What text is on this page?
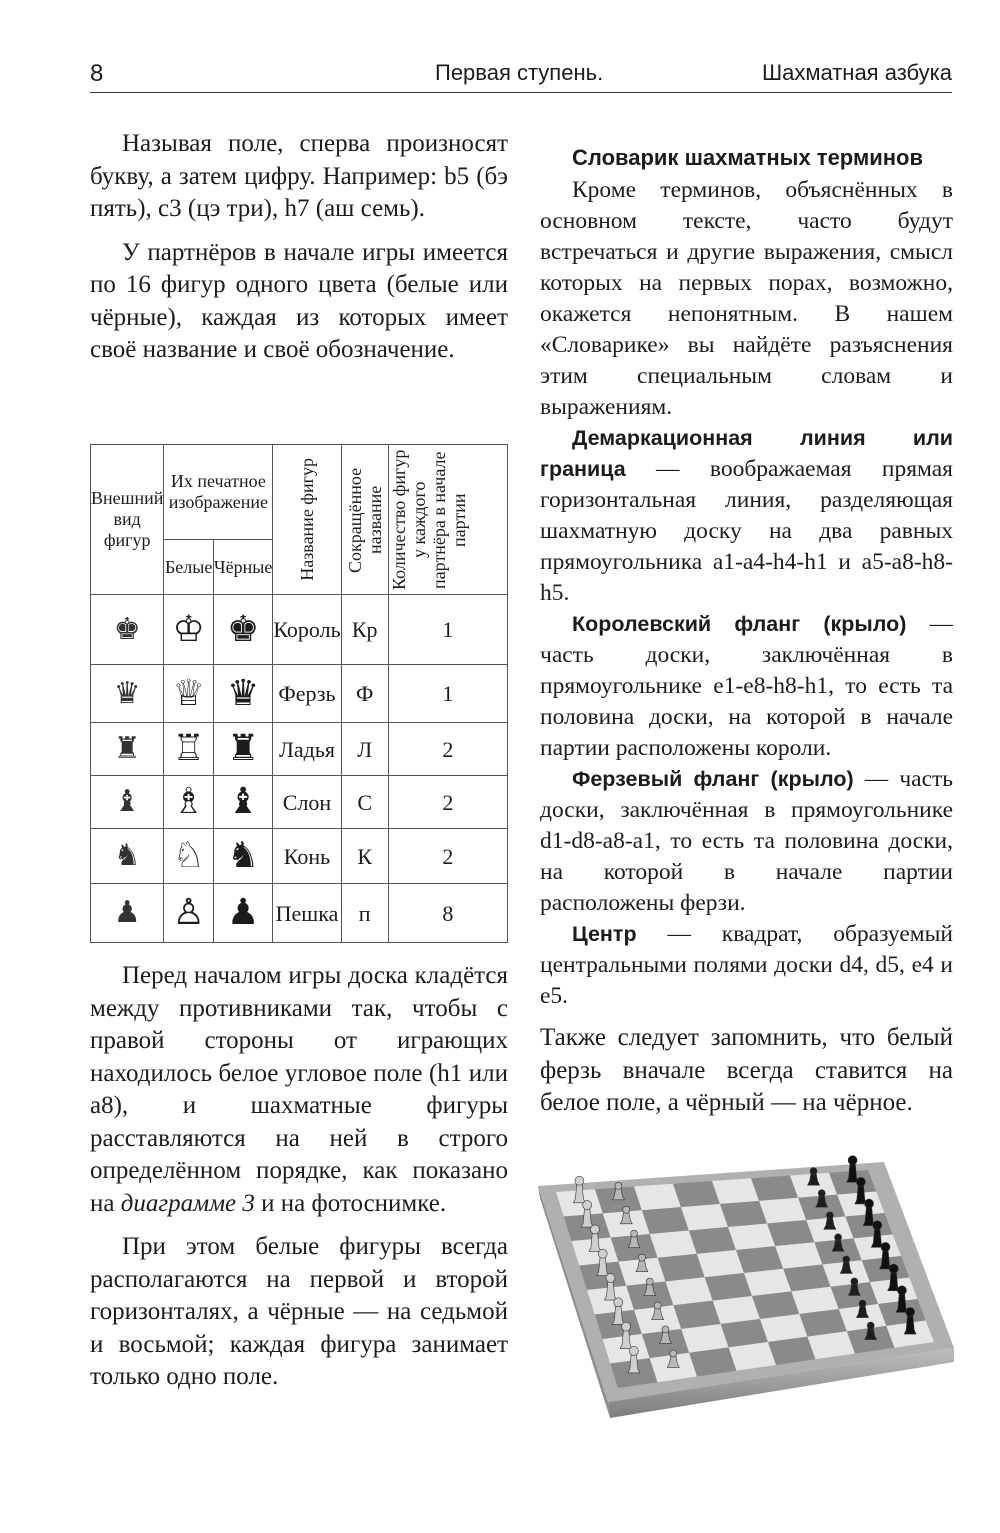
8	Первая ступень.	Шахматная азбука

Называя поле, сперва произносят букву, а затем цифру. Например: b5 (бэ пять), c3 (цэ три), h7 (аш семь).

У партнёров в начале игры имеется по 16 фигур одного цвета (белые или чёрные), каждая из которых имеет своё название и своё обозначение.

Внешний вид фигур	Их печатное изображение		Название фигур	Сокращённое название	Количество фигур у каждого партнёра в начале партии

	Белые	Чёрные			
♚	♔	♚	Король	Кр	1
♛	♕	♛	Ферзь	Ф	1
♜	♖	♜	Ладья	Л	2
♝	♗	♝	Слон	С	2
♞	♘	♞	Конь	К	2
♟	♙	♟	Пешка	п	8

Перед началом игры доска кладётся между противниками так, чтобы с правой стороны от играющих находилось белое угловое поле (h1 или a8), и шахматные фигуры расставляются на ней в строго определённом порядке, как показано на диаграмме 3 и на фотоснимке.

При этом белые фигуры всегда располагаются на первой и второй горизонталях, а чёрные — на седьмой и восьмой; каждая фигура занимает только одно поле.

Словарик шахматных терминов

Кроме терминов, объяснённых в основном тексте, часто будут встречаться и другие выражения, смысл которых на первых порах, возможно, окажется непонятным. В нашем «Словарике» вы найдёте разъяснения этим специальным словам и выражениям.

Демаркационная линия или граница — воображаемая прямая горизонтальная линия, разделяющая шахматную доску на два равных прямоугольника a1-a4-h4-h1 и a5-a8-h8-h5.

Королевский фланг (крыло) — часть доски, заключённая в прямоугольнике e1-e8-h8-h1, то есть та половина доски, на которой в начале партии расположены короли.

Ферзевый фланг (крыло) — часть доски, заключённая в прямоугольнике d1-d8-a8-a1, то есть та половина доски, на которой в начале партии расположены ферзи.

Центр — квадрат, образуемый центральными полями доски d4, d5, e4 и e5.

Также следует запомнить, что белый ферзь вначале всегда ставится на белое поле, а чёрный — на чёрное.
